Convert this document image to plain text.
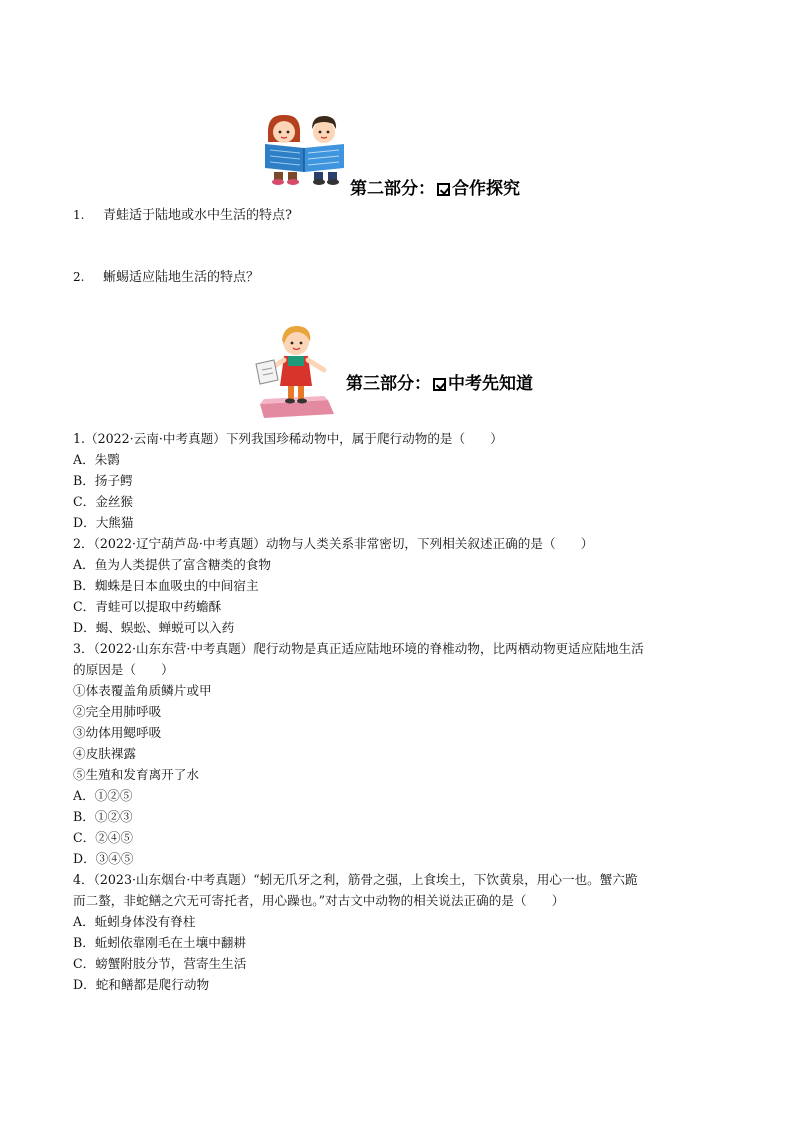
第二部分： 合作探究
1. 青蛙适于陆地或水中生活的特点?
2. 蜥蜴适应陆地生活的特点？
第三部分： 中考先知道
1.（2022·云南·中考真题）下列我国珍稀动物中，属于爬行动物的是（　　）
A．朱鹮
B．扬子鳄
C．金丝猴
D．大熊猫
2．（2022·辽宁葫芦岛·中考真题）动物与人类关系非常密切，下列相关叙述正确的是（　　）
A．鱼为人类提供了富含糖类的食物
B．蜘蛛是日本血吸虫的中间宿主
C．青蛙可以提取中药蟾酥
D．蝎、蜈蚣、蝉蜕可以入药
3．（2022·山东东营·中考真题）爬行动物是真正适应陆地环境的脊椎动物，比两栖动物更适应陆地生活
的原因是（　　）
①体表覆盖角质鳞片或甲
②完全用肺呼吸
③幼体用鳃呼吸
④皮肤裸露
⑤生殖和发育离开了水
A．①②⑤
B．①②③
C．②④⑤
D．③④⑤
4．（2023·山东烟台·中考真题）“蚓无爪牙之利，筋骨之强，上食埃土，下饮黄泉，用心一也。蟹六跪
而二螯，非蛇鳝之穴无可寄托者，用心躁也。”对古文中动物的相关说法正确的是（　　）
A．蚯蚓身体没有脊柱
B．蚯蚓依靠刚毛在土壤中翻耕
C．螃蟹附肢分节，营寄生生活
D．蛇和鳝都是爬行动物
